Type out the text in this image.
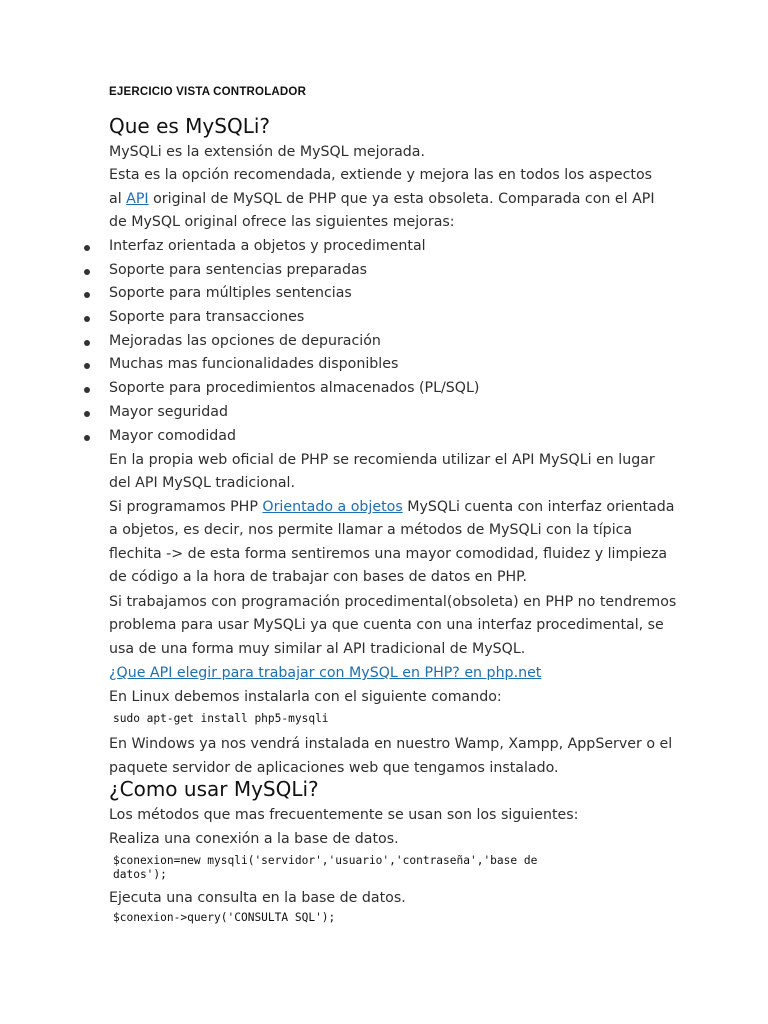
EJERCICIO VISTA CONTROLADOR

Que es MySQLi?

MySQLi es la extensión de MySQL mejorada.
Esta es la opción recomendada, extiende y mejora las en todos los aspectos
al API original de MySQL de PHP que ya esta obsoleta. Comparada con el API
de MySQL original ofrece las siguientes mejoras:
Interfaz orientada a objetos y procedimental
Soporte para sentencias preparadas
Soporte para múltiples sentencias
Soporte para transacciones
Mejoradas las opciones de depuración
Muchas mas funcionalidades disponibles
Soporte para procedimientos almacenados (PL/SQL)
Mayor seguridad
Mayor comodidad
En la propia web oficial de PHP se recomienda utilizar el API MySQLi en lugar
del API MySQL tradicional.
Si programamos PHP Orientado a objetos MySQLi cuenta con interfaz orientada
a objetos, es decir, nos permite llamar a métodos de MySQLi con la típica
flechita -> de esta forma sentiremos una mayor comodidad, fluidez y limpieza
de código a la hora de trabajar con bases de datos en PHP.
Si trabajamos con programación procedimental(obsoleta) en PHP no tendremos
problema para usar MySQLi ya que cuenta con una interfaz procedimental, se
usa de una forma muy similar al API tradicional de MySQL.
¿Que API elegir para trabajar con MySQL en PHP? en php.net
En Linux debemos instalarla con el siguiente comando:
sudo apt-get install php5-mysqli
En Windows ya nos vendrá instalada en nuestro Wamp, Xampp, AppServer o el
paquete servidor de aplicaciones web que tengamos instalado.

¿Como usar MySQLi?

Los métodos que mas frecuentemente se usan son los siguientes:
Realiza una conexión a la base de datos.
$conexion=new mysqli('servidor','usuario','contraseña','base de
datos');
Ejecuta una consulta en la base de datos.
$conexion->query('CONSULTA SQL');
